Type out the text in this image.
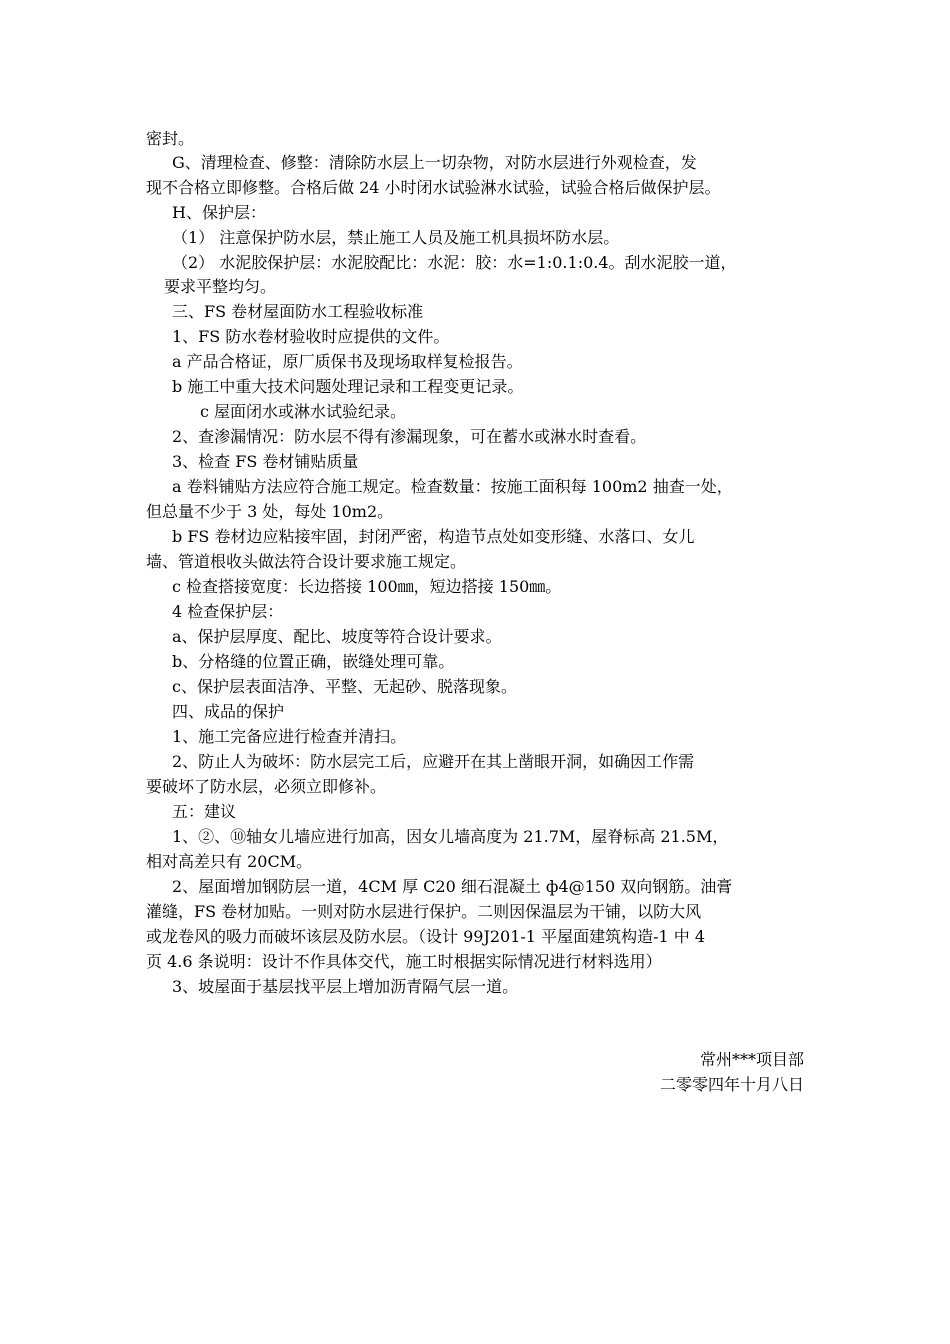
密封。
G、清理检查、修整：清除防水层上一切杂物，对防水层进行外观检查，发
现不合格立即修整。合格后做 24 小时闭水试验淋水试验，试验合格后做保护层。
H、保护层：
（1） 注意保护防水层，禁止施工人员及施工机具损坏防水层。
（2） 水泥胶保护层：水泥胶配比：水泥：胶：水=1:0.1:0.4。刮水泥胶一道，
要求平整均匀。
三、FS 卷材屋面防水工程验收标准
1、FS 防水卷材验收时应提供的文件。
a 产品合格证，原厂质保书及现场取样复检报告。
b 施工中重大技术问题处理记录和工程变更记录。
c 屋面闭水或淋水试验纪录。
2、查渗漏情况：防水层不得有渗漏现象，可在蓄水或淋水时查看。
3、检查 FS 卷材铺贴质量
a 卷料铺贴方法应符合施工规定。检查数量：按施工面积每 100m2 抽查一处，
但总量不少于 3 处，每处 10m2。
b FS 卷材边应粘接牢固，封闭严密，构造节点处如变形缝、水落口、女儿
墙、管道根收头做法符合设计要求施工规定。
c 检查搭接宽度：长边搭接 100㎜，短边搭接 150㎜。
4 检查保护层：
a、保护层厚度、配比、坡度等符合设计要求。
b、分格缝的位置正确，嵌缝处理可靠。
c、保护层表面洁净、平整、无起砂、脱落现象。
四、成品的保护
1、施工完备应进行检查并清扫。
2、防止人为破坏：防水层完工后，应避开在其上凿眼开洞，如确因工作需
要破坏了防水层，必须立即修补。
五：建议
1、②、⑩轴女儿墙应进行加高，因女儿墙高度为 21.7M，屋脊标高 21.5M，
相对高差只有 20CM。
2、屋面增加钢防层一道，4CM 厚 C20 细石混凝土 ф4@150 双向钢筋。油膏
灌缝，FS 卷材加贴。一则对防水层进行保护。二则因保温层为干铺，以防大风
或龙卷风的吸力而破坏该层及防水层。（设计 99J201-1 平屋面建筑构造-1 中 4
页 4.6 条说明：设计不作具体交代，施工时根据实际情况进行材料选用）
3、坡屋面于基层找平层上增加沥青隔气层一道。
常州***项目部
二零零四年十月八日
